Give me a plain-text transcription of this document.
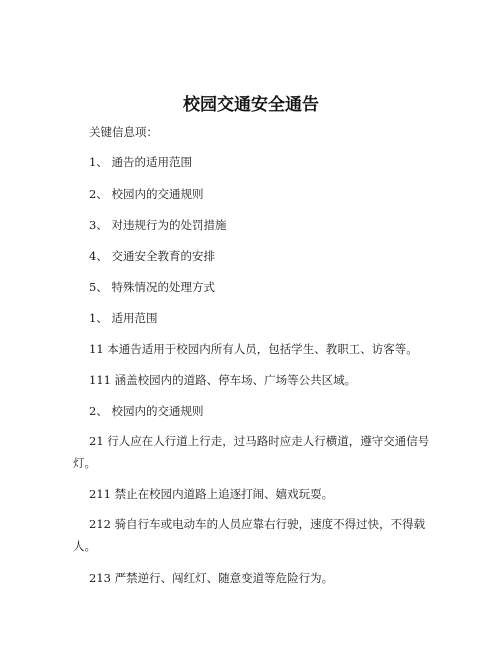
校园交通安全通告
关键信息项：
1、 通告的适用范围
2、 校园内的交通规则
3、 对违规行为的处罚措施
4、 交通安全教育的安排
5、 特殊情况的处理方式
1、 适用范围
11 本通告适用于校园内所有人员，包括学生、教职工、访客等。
111 涵盖校园内的道路、停车场、广场等公共区域。
2、 校园内的交通规则
21 行人应在人行道上行走，过马路时应走人行横道，遵守交通信号
灯。
211 禁止在校园内道路上追逐打闹、嬉戏玩耍。
212 骑自行车或电动车的人员应靠右行驶，速度不得过快，不得载
人。
213 严禁逆行、闯红灯、随意变道等危险行为。
